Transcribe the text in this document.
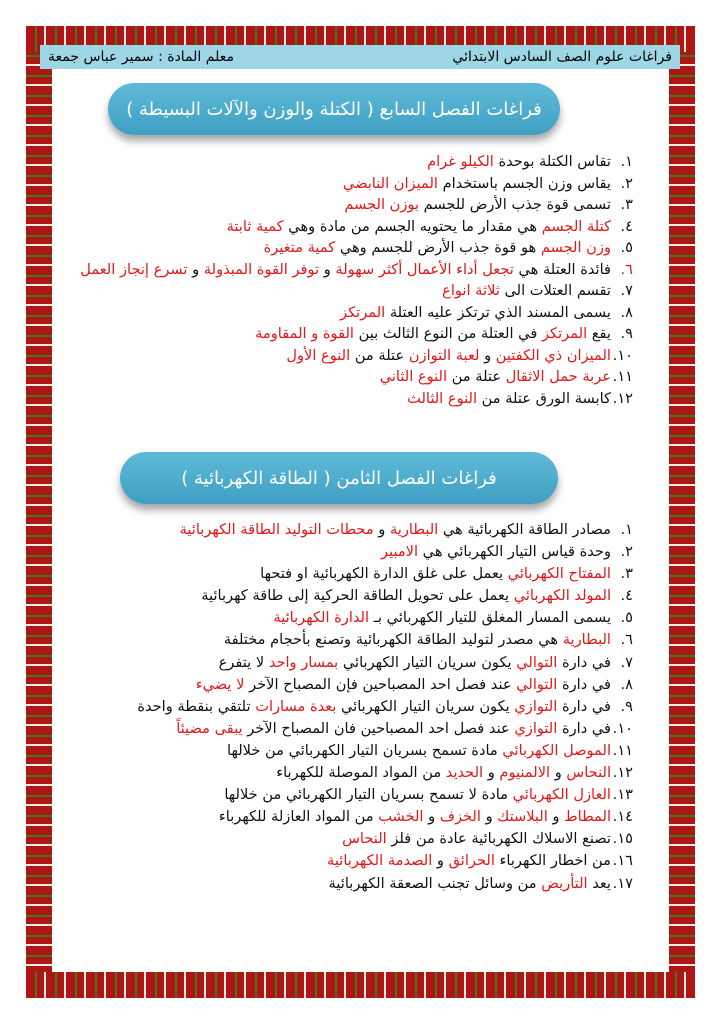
معلم المادة : سمير عباس جمعة	فراغات علوم الصف السادس الابتدائي
فراغات الفصل السابع ( الكتلة والوزن والآلات البسيطة )
١.تقاس الكتلة بوحدة الكيلو غرام
٢.يقاس وزن الجسم باستخدام الميزان النابضي
٣.تسمى قوة جذب الأرض للجسم بوزن الجسم
٤.كتلة الجسم هي مقدار ما يحتويه الجسم من مادة وهي كمية ثابتة
٥.وزن الجسم هو قوة جذب الأرض للجسم وهي كمية متغيرة
٦.فائدة العتلة هي تجعل أداء الأعمال أكثر سهولة و توفر القوة المبذولة و تسرع إنجاز العمل
٧.تقسم العتلات الى ثلاثة انواع
٨.يسمى المسند الذي ترتكز عليه العتلة المرتكز
٩.يقع المرتكز في العتلة من النوع الثالث بين القوة و المقاومة
١٠.الميزان ذي الكفتين و لعبة التوازن عتلة من النوع الأول
١١.عربة حمل الاثقال عتلة من النوع الثاني
١٢.كابسة الورق عتلة من النوع الثالث
فراغات الفصل الثامن ( الطاقة الكهربائية )
١.مصادر الطاقة الكهربائية هي البطارية و محطات التوليد الطاقة الكهربائية
٢.وحدة قياس التيار الكهربائي هي الامبير
٣.المفتاح الكهربائي يعمل على غلق الدارة الكهربائية او فتحها
٤.المولد الكهربائي يعمل على تحويل الطاقة الحركية إلى طاقة كهربائية
٥.يسمى المسار المغلق للتيار الكهربائي بـ الدارة الكهربائية
٦.البطارية هي مصدر لتوليد الطاقة الكهربائية وتصنع بأحجام مختلفة
٧.في دارة التوالي يكون سريان التيار الكهربائي بمسار واحد لا يتفرع
٨.في دارة التوالي عند فصل احد المصباحين فإن المصباح الآخر لا يضيء
٩.في دارة التوازي يكون سريان التيار الكهربائي بعدة مسارات تلتقي بنقطة واحدة
١٠.في دارة التوازي عند فصل احد المصباحين فان المصباح الآخر يبقى مضيئاً
١١.الموصل الكهربائي مادة تسمح بسريان التيار الكهربائي من خلالها
١٢.النحاس و الالمنيوم و الحديد من المواد الموصلة للكهرباء
١٣.العازل الكهربائي مادة لا تسمح بسريان التيار الكهربائي من خلالها
١٤.المطاط و البلاستك و الخزف و الخشب من المواد العازلة للكهرباء
١٥.تصنع الاسلاك الكهربائية عادة من فلز النحاس
١٦.من اخطار الكهرباء الحرائق و الصدمة الكهربائية
١٧.يعد التأريض من وسائل تجنب الصعقة الكهربائية
